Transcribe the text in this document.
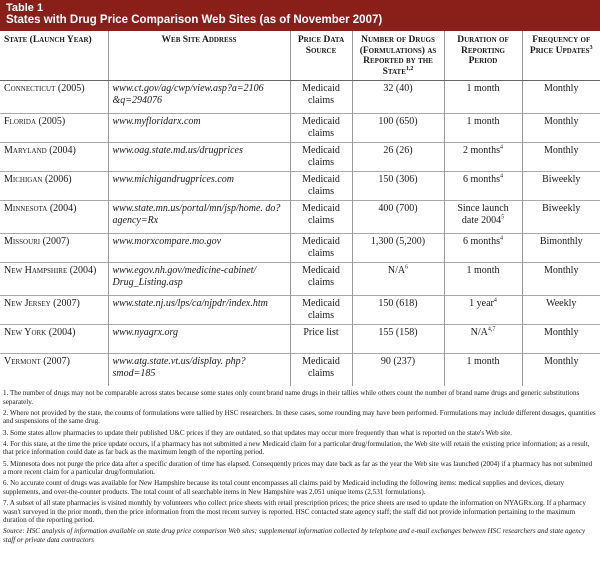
Table 1
States with Drug Price Comparison Web Sites (as of November 2007)
State (Launch Year)	Web Site Address	Price Data Source	Number of Drugs (Formulations) as Reported by the State$^{1,2}$	Duration of Reporting Period	Frequency of Price Updates$^3$
Connecticut (2005)	www.ct.gov/ag/cwp/view.asp?a=2106 &q=294076	Medicaid claims	32 (40)	1 month	Monthly
Florida (2005)	www.myfloridarx.com	Medicaid claims	100 (650)	1 month	Monthly
Maryland (2004)	www.oag.state.md.us/drugprices	Medicaid claims	26 (26)	2 months$^4$	Monthly
Michigan (2006)	www.michigandrugprices.com	Medicaid claims	150 (306)	6 months$^4$	Biweekly
Minnesota (2004)	www.state.mn.us/portal/mn/jsp/home. do?agency=Rx	Medicaid claims	400 (700)	Since launch date 2004$^5$	Biweekly
Missouri (2007)	www.morxcompare.mo.gov	Medicaid claims	1,300 (5,200)	6 months$^4$	Bimonthly
New Hampshire (2004)	www.egov.nh.gov/medicine-cabinet/ Drug_Listing.asp	Medicaid claims	$N/A^6$	1 month	Monthly
New Jersey (2007)	www.state.nj.us/lps/ca/njpdr/index.htm	Medicaid claims	150 (618)	1 year$^4$	Weekly
New York (2004)	www.nyagrx.org	Price list	155 (158)	$N/A^{4,7}$	Monthly
Vermont (2007)	www.atg.state.vt.us/display. php?smod=185	Medicaid claims	90 (237)	1 month	Monthly

1. The number of drugs may not be comparable across states because some states only count brand name drugs in their tallies while others count the number of brand name drugs and generic substitutions separately.

2. Where not provided by the state, the counts of formulations were tallied by HSC researchers. In these cases, some rounding may have been performed. Formulations may include different dosages, quantities and suspensions of the same drug.

3. Some states allow pharmacies to update their published U&C prices if they are outdated, so that updates may occur more frequently than what is reported on the state's Web site.

4. For this state, at the time the price update occurs, if a pharmacy has not submitted a new Medicaid claim for a particular drug/formulation, the Web site will retain the existing price information; as a result, that price information could date as far back as the maximum length of the reporting period.

5. Minnesota does not purge the price data after a specific duration of time has elapsed. Consequently prices may date back as far as the year the Web site was launched (2004) if a pharmacy has not submitted a more recent claim for a particular drug/formulation.

6. No accurate count of drugs was available for New Hampshire because its total count encompasses all claims paid by Medicaid including the following items: medical supplies and devices, dietary supplements, and over-the-counter products. The total count of all searchable items in New Hampshire was 2,051 unique items (2,531 formulations).

7. A subset of all state pharmacies is visited monthly by volunteers who collect price sheets with retail prescription prices; the price sheets are used to update the information on NYAGRx.org. If a pharmacy wasn't surveyed in the prior month, then the price information from the most recent survey is reported. HSC contacted state agency staff; the staff did not provide information pertaining to the maximum duration of the reporting period.

Source: HSC analysis of information available on state drug price comparison Web sites; supplemental information collected by telephone and e-mail exchanges between HSC researchers and state agency staff or private data contractors
